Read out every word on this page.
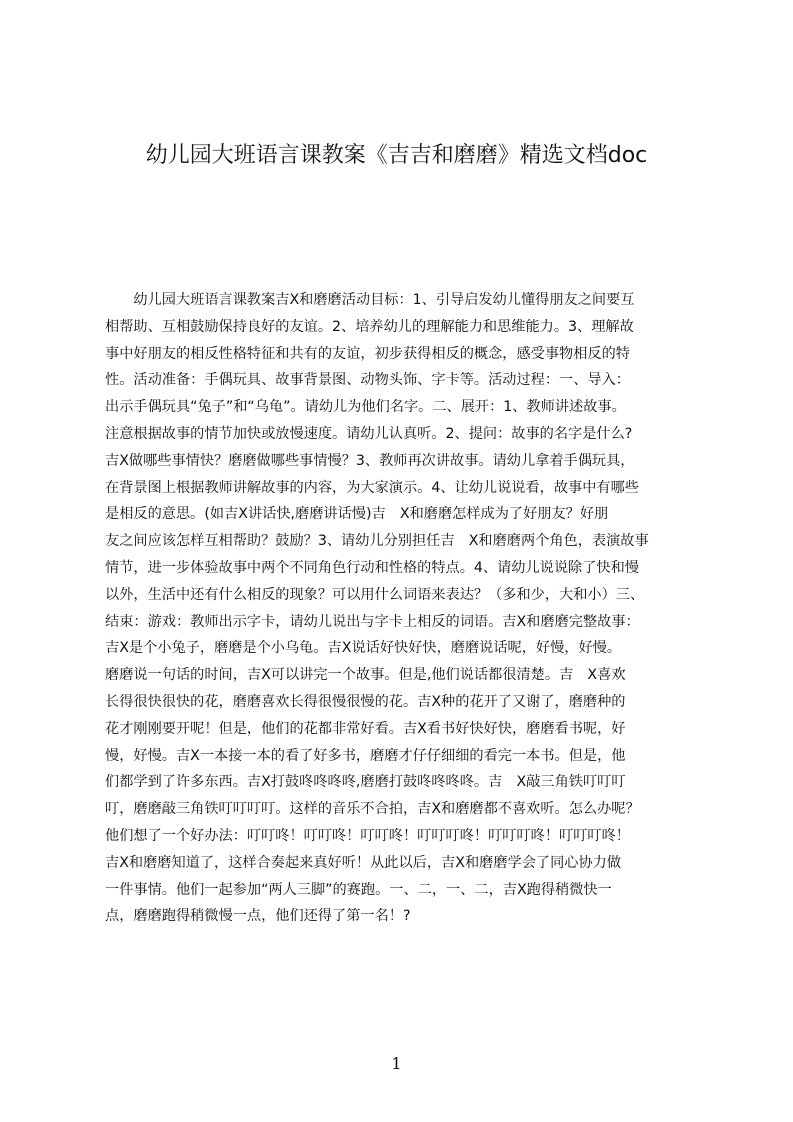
幼儿园大班语言课教案《吉吉和磨磨》精选文档doc
　　幼儿园大班语言课教案吉X和磨磨活动目标：1、引导启发幼儿懂得朋友之间要互
相帮助、互相鼓励保持良好的友谊。2、培养幼儿的理解能力和思维能力。3、理解故
事中好朋友的相反性格特征和共有的友谊，初步获得相反的概念，感受事物相反的特
性。活动准备：手偶玩具、故事背景图、动物头饰、字卡等。活动过程：一、导入：
出示手偶玩具“兔子”和“乌龟”。请幼儿为他们名字。二、展开：1、教师讲述故事。
注意根据故事的情节加快或放慢速度。请幼儿认真听。2、提问：故事的名字是什么?
吉X做哪些事情快？磨磨做哪些事情慢？3、教师再次讲故事。请幼儿拿着手偶玩具，
在背景图上根据教师讲解故事的内容，为大家演示。4、让幼儿说说看，故事中有哪些
是相反的意思。(如吉X讲话快,磨磨讲话慢)吉　X和磨磨怎样成为了好朋友？好朋
友之间应该怎样互相帮助？鼓励？3、请幼儿分别担任吉　X和磨磨两个角色，表演故事
情节，进一步体验故事中两个不同角色行动和性格的特点。4、请幼儿说说除了快和慢
以外，生活中还有什么相反的现象？可以用什么词语来表达？（多和少，大和小）三、
结束：游戏：教师出示字卡，请幼儿说出与字卡上相反的词语。吉X和磨磨完整故事：
吉X是个小兔子，磨磨是个小乌龟。吉X说话好快好快，磨磨说话呢，好慢，好慢。
磨磨说一句话的时间，吉X可以讲完一个故事。但是,他们说话都很清楚。吉　X喜欢
长得很快很快的花，磨磨喜欢长得很慢很慢的花。吉X种的花开了又谢了，磨磨种的
花才刚刚要开呢！但是，他们的花都非常好看。吉X看书好快好快，磨磨看书呢，好
慢，好慢。吉X一本接一本的看了好多书，磨磨才仔仔细细的看完一本书。但是，他
们都学到了许多东西。吉X打鼓咚咚咚咚,磨磨打鼓咚咚咚咚。吉　X敲三角铁叮叮叮
叮，磨磨敲三角铁叮叮叮叮。这样的音乐不合拍，吉X和磨磨都不喜欢听。怎么办呢？
他们想了一个好办法：叮叮咚！叮叮咚！叮叮咚！叮叮叮咚！叮叮叮咚！叮叮叮咚！
吉X和磨磨知道了，这样合奏起来真好听！从此以后，吉X和磨磨学会了同心协力做
一件事情。他们一起参加“两人三脚”的赛跑。一、二，一、二，吉X跑得稍微快一
点，磨磨跑得稍微慢一点，他们还得了第一名！?
1
